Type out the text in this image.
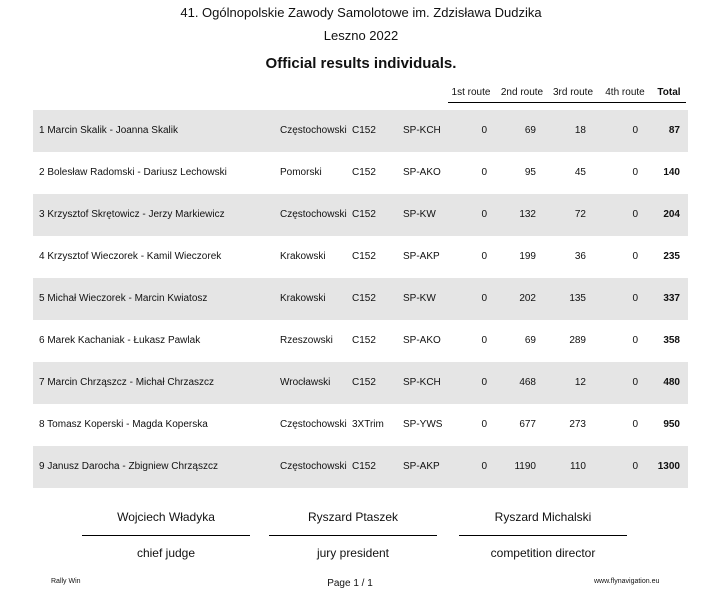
41. Ogólnopolskie Zawody Samolotowe im. Zdzisława Dudzika
Leszno 2022
Official results individuals.
1st route 2nd route 3rd route	4th route	Total
1 Marcin Skalik - Joanna Skalik	Częstochowski C152	SP-KCH	0	69	18	0	87
2 Bolesław Radomski - Dariusz Lechowski	Pomorski	C152	SP-AKO	0	95	45	0	140
3 Krzysztof Skrętowicz - Jerzy Markiewicz	Częstochowski C152	SP-KW	0	132	72	0	204
4 Krzysztof Wieczorek - Kamil Wieczorek	Krakowski	C152	SP-AKP	0	199	36	0	235
5 Michał Wieczorek - Marcin Kwiatosz	Krakowski	C152	SP-KW	0	202	135	0	337
6 Marek Kachaniak - Łukasz Pawlak	Rzeszowski C152	SP-AKO	0	69	289	0	358
7 Marcin Chrząszcz - Michał Chrzaszcz	Wrocławski C152	SP-KCH	0	468	12	0	480
8 Tomasz Koperski - Magda Koperska	Częstochowski 3XTrim SP-YWS	0	677	273	0	950
9 Janusz Darocha - Zbigniew Chrząszcz	Częstochowski C152	SP-AKP	0	1190	110	0 1300
Wojciech Władyka
chief judge
Ryszard Ptaszek
jury president
Ryszard Michalski
competition director
Rally Win	Page 1 / 1	www.flynavigation.eu
